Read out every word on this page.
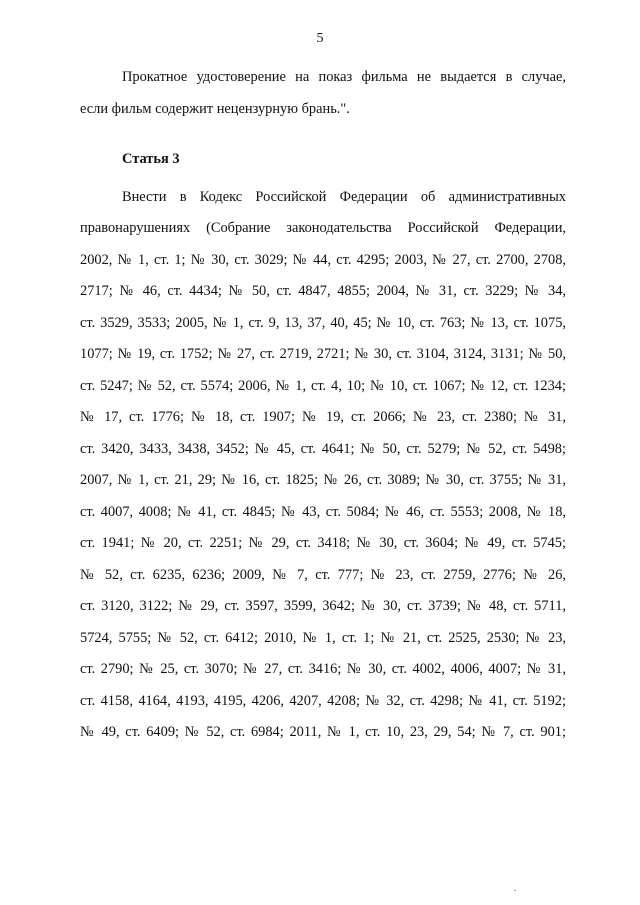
5

Прокатное удостоверение на показ фильма не выдается в случае,
если фильм содержит нецензурную брань.".

Статья 3

Внести в Кодекс Российской Федерации об административных
правонарушениях (Собрание законодательства Российской Федерации,
2002, № 1, ст. 1; № 30, ст. 3029; № 44, ст. 4295; 2003, № 27, ст. 2700, 2708,
2717; № 46, ст. 4434; № 50, ст. 4847, 4855; 2004, № 31, ст. 3229; № 34,
ст. 3529, 3533; 2005, № 1, ст. 9, 13, 37, 40, 45; № 10, ст. 763; № 13, ст. 1075,
1077; № 19, ст. 1752; № 27, ст. 2719, 2721; № 30, ст. 3104, 3124, 3131; № 50,
ст. 5247; № 52, ст. 5574; 2006, № 1, ст. 4, 10; № 10, ст. 1067; № 12, ст. 1234;
№ 17, ст. 1776; № 18, ст. 1907; № 19, ст. 2066; № 23, ст. 2380; № 31,
ст. 3420, 3433, 3438, 3452; № 45, ст. 4641; № 50, ст. 5279; № 52, ст. 5498;
2007, № 1, ст. 21, 29; № 16, ст. 1825; № 26, ст. 3089; № 30, ст. 3755; № 31,
ст. 4007, 4008; № 41, ст. 4845; № 43, ст. 5084; № 46, ст. 5553; 2008, № 18,
ст. 1941; № 20, ст. 2251; № 29, ст. 3418; № 30, ст. 3604; № 49, ст. 5745;
№ 52, ст. 6235, 6236; 2009, № 7, ст. 777; № 23, ст. 2759, 2776; № 26,
ст. 3120, 3122; № 29, ст. 3597, 3599, 3642; № 30, ст. 3739; № 48, ст. 5711,
5724, 5755; № 52, ст. 6412; 2010, № 1, ст. 1; № 21, ст. 2525, 2530; № 23,
ст. 2790; № 25, ст. 3070; № 27, ст. 3416; № 30, ст. 4002, 4006, 4007; № 31,
ст. 4158, 4164, 4193, 4195, 4206, 4207, 4208; № 32, ст. 4298; № 41, ст. 5192;
№ 49, ст. 6409; № 52, ст. 6984; 2011, № 1, ст. 10, 23, 29, 54; № 7, ст. 901;
